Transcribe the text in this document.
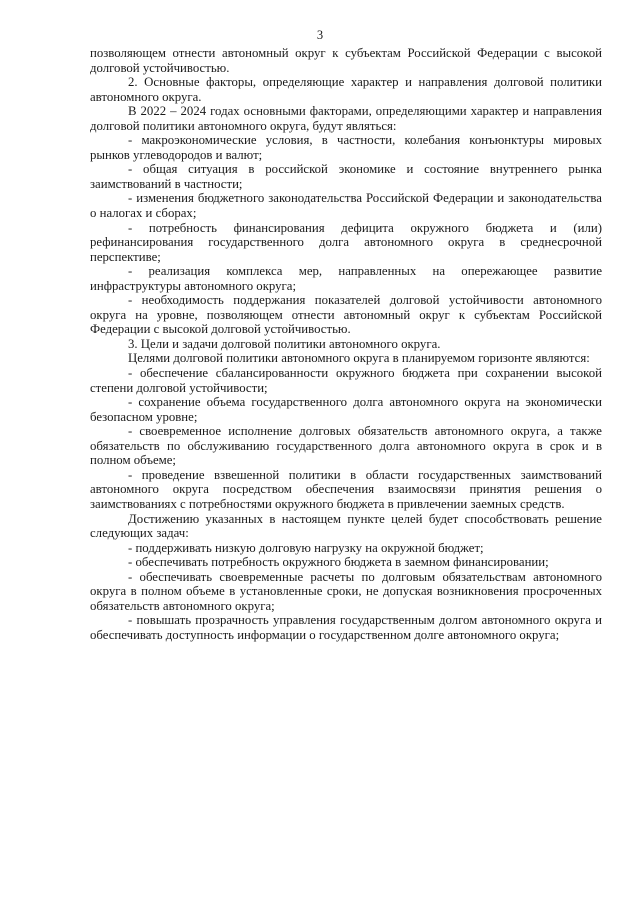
3

позволяющем отнести автономный округ к субъектам Российской Федерации с высокой долговой устойчивостью.

2. Основные факторы, определяющие характер и направления долговой политики автономного округа.

В 2022 – 2024 годах основными факторами, определяющими характер и направления долговой политики автономного округа, будут являться:

- макроэкономические условия, в частности, колебания конъюнктуры мировых рынков углеводородов и валют;

- общая ситуация в российской экономике и состояние внутреннего рынка заимствований в частности;

- изменения бюджетного законодательства Российской Федерации и законодательства о налогах и сборах;

- потребность финансирования дефицита окружного бюджета и (или) рефинансирования государственного долга автономного округа в среднесрочной перспективе;

- реализация комплекса мер, направленных на опережающее развитие инфраструктуры автономного округа;

- необходимость поддержания показателей долговой устойчивости автономного округа на уровне, позволяющем отнести автономный округ к субъектам Российской Федерации с высокой долговой устойчивостью.

3. Цели и задачи долговой политики автономного округа.

Целями долговой политики автономного округа в планируемом горизонте являются:

- обеспечение сбалансированности окружного бюджета при сохранении высокой степени долговой устойчивости;

- сохранение объема государственного долга автономного округа на экономически безопасном уровне;

- своевременное исполнение долговых обязательств автономного округа, а также обязательств по обслуживанию государственного долга автономного округа в срок и в полном объеме;

- проведение взвешенной политики в области государственных заимствований автономного округа посредством обеспечения взаимосвязи принятия решения о заимствованиях с потребностями окружного бюджета в привлечении заемных средств.

Достижению указанных в настоящем пункте целей будет способствовать решение следующих задач:

- поддерживать низкую долговую нагрузку на окружной бюджет;

- обеспечивать потребность окружного бюджета в заемном финансировании;

- обеспечивать своевременные расчеты по долговым обязательствам автономного округа в полном объеме в установленные сроки, не допуская возникновения просроченных обязательств автономного округа;

- повышать прозрачность управления государственным долгом автономного округа и обеспечивать доступность информации о государственном долге автономного округа;
